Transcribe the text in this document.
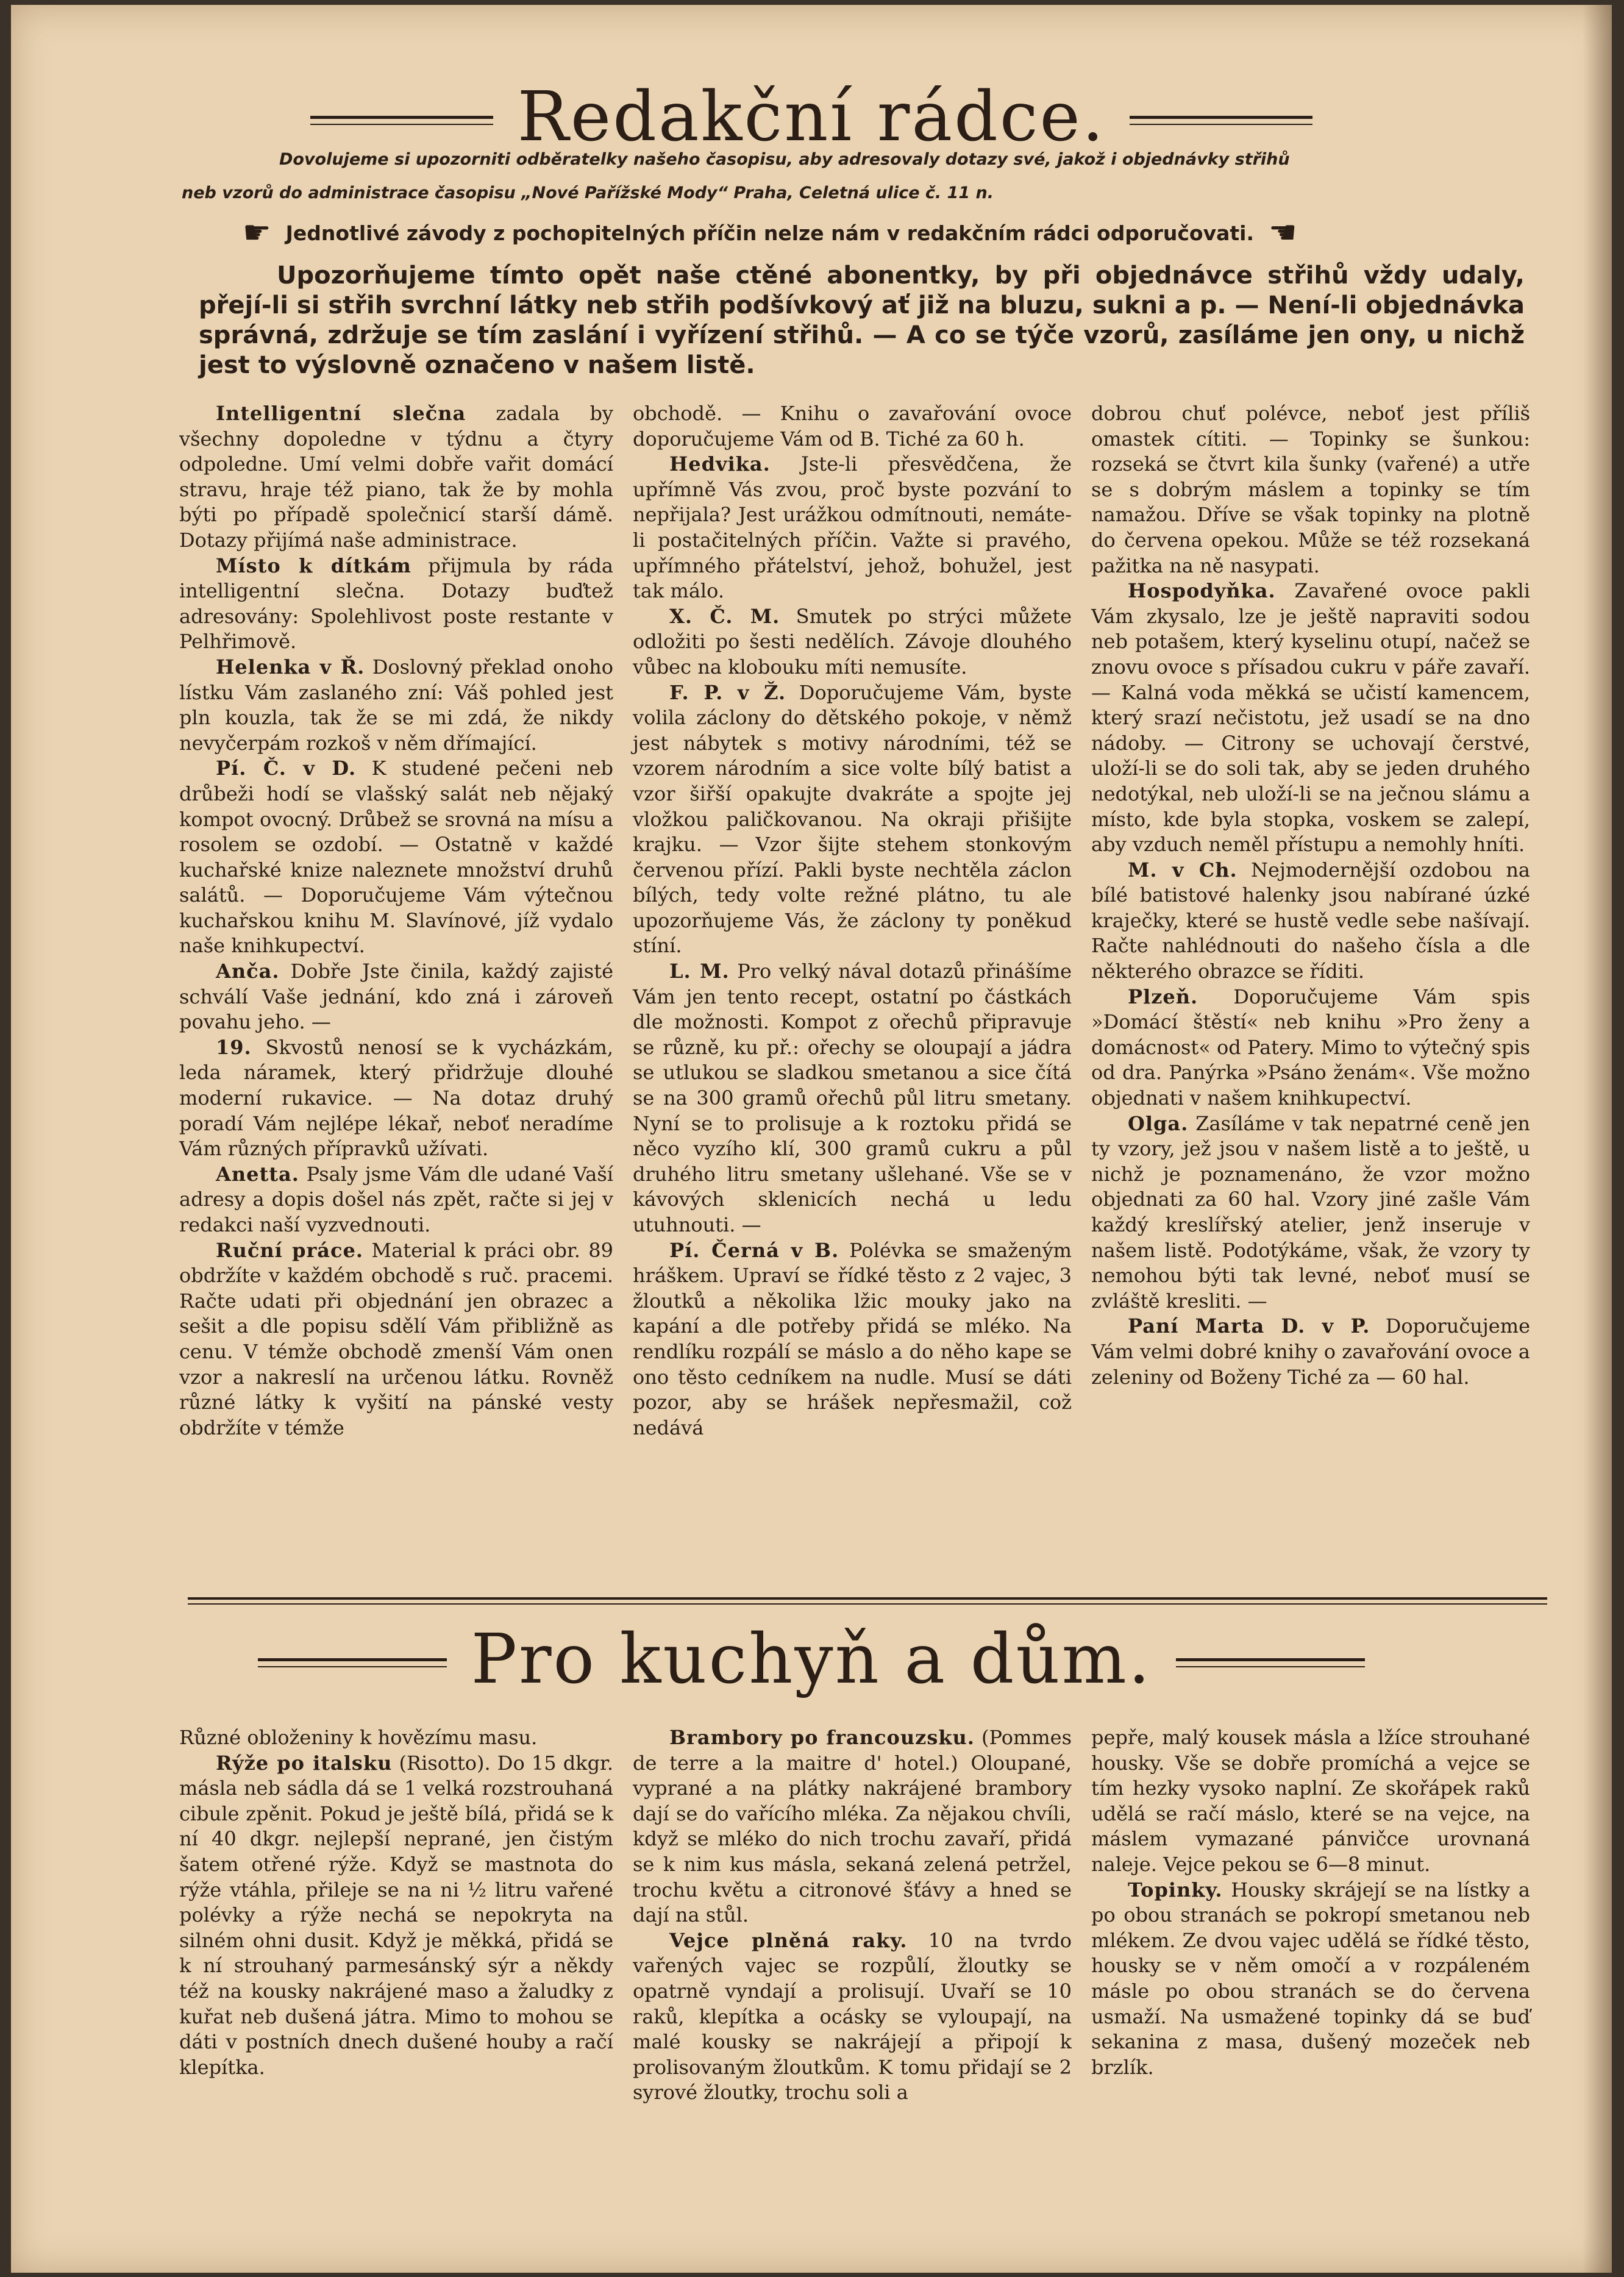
Redakční rádce.
Dovolujeme si upozorniti odběratelky našeho časopisu, aby adresovaly dotazy své, jakož i objednávky střihů
neb vzorů do administrace časopisu „Nové Pařížské Mody“ Praha, Celetná ulice č. 11 n.
☛ Jednotlivé závody z pochopitelných příčin nelze nám v redakčním rádci odporučovati. ☚
Upozorňujeme tímto opět naše ctěné abonentky, by při objednávce střihů vždy udaly, přejí-li si střih svrchní látky neb střih podšívkový ať již na bluzu, sukni a p. — Není-li objednávka správná, zdržuje se tím zaslání i vyřízení střihů. — A co se týče vzorů, zasíláme jen ony, u nichž jest to výslovně označeno v našem listě.

Intelligentní slečna zadala by všechny dopoledne v týdnu a čtyry odpoledne. Umí velmi dobře vařit domácí stravu, hraje též piano, tak že by mohla býti po případě společnicí starší dámě. Dotazy přijímá naše administrace.

Místo k dítkám přijmula by ráda intelligentní slečna. Dotazy buďtež adresovány: Spolehlivost poste restante v Pelhřimově.

Helenka v Ř. Doslovný překlad onoho lístku Vám zaslaného zní: Váš pohled jest pln kouzla, tak že se mi zdá, že nikdy nevyčerpám rozkoš v něm dřímající.

Pí. Č. v D. K studené pečeni neb drůbeži hodí se vlašský salát neb nějaký kompot ovocný. Drůbež se srovná na mísu a rosolem se ozdobí. — Ostatně v každé kuchařské knize naleznete množství druhů salátů. — Doporučujeme Vám výtečnou kuchařskou knihu M. Slavínové, jíž vydalo naše knihkupectví.

Anča. Dobře Jste činila, každý zajisté schválí Vaše jednání, kdo zná i zároveň povahu jeho. —

19. Skvostů nenosí se k vycházkám, leda náramek, který přidržuje dlouhé moderní rukavice. — Na dotaz druhý poradí Vám nejlépe lékař, neboť neradíme Vám různých přípravků užívati.

Anetta. Psaly jsme Vám dle udané Vaší adresy a dopis došel nás zpět, račte si jej v redakci naší vyzvednouti.

Ruční práce. Material k práci obr. 89 obdržíte v každém obchodě s ruč. pracemi. Račte udati při objednání jen obrazec a sešit a dle popisu sdělí Vám přibližně as cenu. V témže obchodě zmenší Vám onen vzor a nakreslí na určenou látku. Rovněž různé látky k vyšití na pánské vesty obdržíte v témže

obchodě. — Knihu o zavařování ovoce doporučujeme Vám od B. Tiché za 60 h.

Hedvika. Jste-li přesvědčena, že upřímně Vás zvou, proč byste pozvání to nepřijala? Jest urážkou odmítnouti, nemáte-li postačitelných příčin. Važte si pravého, upřímného přátelství, jehož, bohužel, jest tak málo.

X. Č. M. Smutek po strýci můžete odložiti po šesti nedělích. Závoje dlouhého vůbec na klobouku míti nemusíte.

F. P. v Ž. Doporučujeme Vám, byste volila záclony do dětského pokoje, v němž jest nábytek s motivy národními, též se vzorem národním a sice volte bílý batist a vzor šiřší opakujte dvakráte a spojte jej vložkou paličkovanou. Na okraji přišijte krajku. — Vzor šijte stehem stonkovým červenou přízí. Pakli byste nechtěla záclon bílých, tedy volte režné plátno, tu ale upozorňujeme Vás, že záclony ty poněkud stíní.

L. M. Pro velký nával dotazů přinášíme Vám jen tento recept, ostatní po částkách dle možnosti. Kompot z ořechů připravuje se různě, ku př.: ořechy se oloupají a jádra se utlukou se sladkou smetanou a sice čítá se na 300 gramů ořechů půl litru smetany. Nyní se to prolisuje a k roztoku přidá se něco vyzího klí, 300 gramů cukru a půl druhého litru smetany ušlehané. Vše se v kávových sklenicích nechá u ledu utuhnouti. —

Pí. Černá v B. Polévka se smaženým hráškem. Upraví se řídké těsto z 2 vajec, 3 žloutků a několika lžic mouky jako na kapání a dle potřeby přidá se mléko. Na rendlíku rozpálí se máslo a do něho kape se ono těsto cedníkem na nudle. Musí se dáti pozor, aby se hrášek nepřesmažil, což nedává

dobrou chuť polévce, neboť jest příliš omastek cítiti. — Topinky se šunkou: rozseká se čtvrt kila šunky (vařené) a utře se s dobrým máslem a topinky se tím namažou. Dříve se však topinky na plotně do červena opekou. Může se též rozsekaná pažitka na ně nasypati.

Hospodyňka. Zavařené ovoce pakli Vám zkysalo, lze je ještě napraviti sodou neb potašem, který kyselinu otupí, načež se znovu ovoce s přísadou cukru v páře zavaří. — Kalná voda měkká se učistí kamencem, který srazí nečistotu, jež usadí se na dno nádoby. — Citrony se uchovají čerstvé, uloží-li se do soli tak, aby se jeden druhého nedotýkal, neb uloží-li se na ječnou slámu a místo, kde byla stopka, voskem se zalepí, aby vzduch neměl přístupu a nemohly hníti.

M. v Ch. Nejmodernější ozdobou na bílé batistové halenky jsou nabírané úzké kraječky, které se hustě vedle sebe našívají. Račte nahlédnouti do našeho čísla a dle některého obrazce se říditi.

Plzeň. Doporučujeme Vám spis »Domácí štěstí« neb knihu »Pro ženy a domácnost« od Patery. Mimo to výtečný spis od dra. Panýrka »Psáno ženám«. Vše možno objednati v našem knihkupectví.

Olga. Zasíláme v tak nepatrné ceně jen ty vzory, jež jsou v našem listě a to ještě, u nichž je poznamenáno, že vzor možno objednati za 60 hal. Vzory jiné zašle Vám každý kreslířský atelier, jenž inseruje v našem listě. Podotýkáme, však, že vzory ty nemohou býti tak levné, neboť musí se zvláště kresliti. —

Paní Marta D. v P. Doporučujeme Vám velmi dobré knihy o zavařování ovoce a zeleniny od Boženy Tiché za — 60 hal.

Pro kuchyň a dům.

Různé obloženiny k hovězímu masu.

Rýže po italsku (Risotto). Do 15 dkgr. másla neb sádla dá se 1 velká rozstrouhaná cibule zpěnit. Pokud je ještě bílá, přidá se k ní 40 dkgr. nejlepší neprané, jen čistým šatem otřené rýže. Když se mastnota do rýže vtáhla, přileje se na ni ½ litru vařené polévky a rýže nechá se nepokryta na silném ohni dusit. Když je měkká, přidá se k ní strouhaný parmesánský sýr a někdy též na kousky nakrájené maso a žaludky z kuřat neb dušená játra. Mimo to mohou se dáti v postních dnech dušené houby a račí klepítka.

Brambory po francouzsku. (Pommes de terre a la maitre d' hotel.) Oloupané, vyprané a na plátky nakrájené brambory dají se do vařícího mléka. Za nějakou chvíli, když se mléko do nich trochu zavaří, přidá se k nim kus másla, sekaná zelená petržel, trochu květu a citronové šťávy a hned se dají na stůl.

Vejce plněná raky. 10 na tvrdo vařených vajec se rozpůlí, žloutky se opatrně vyndají a prolisují. Uvaří se 10 raků, klepítka a ocásky se vyloupají, na malé kousky se nakrájejí a připojí k prolisovaným žloutkům. K tomu přidají se 2 syrové žloutky, trochu soli a

pepře, malý kousek másla a lžíce strouhané housky. Vše se dobře promíchá a vejce se tím hezky vysoko naplní. Ze skořápek raků udělá se račí máslo, které se na vejce, na máslem vymazané pánvičce urovnaná naleje. Vejce pekou se 6—8 minut.

Topinky. Housky skrájejí se na lístky a po obou stranách se pokropí smetanou neb mlékem. Ze dvou vajec udělá se řídké těsto, housky se v něm omočí a v rozpáleném másle po obou stranách se do červena usmaží. Na usmažené topinky dá se buď sekanina z masa, dušený mozeček neb brzlík.
